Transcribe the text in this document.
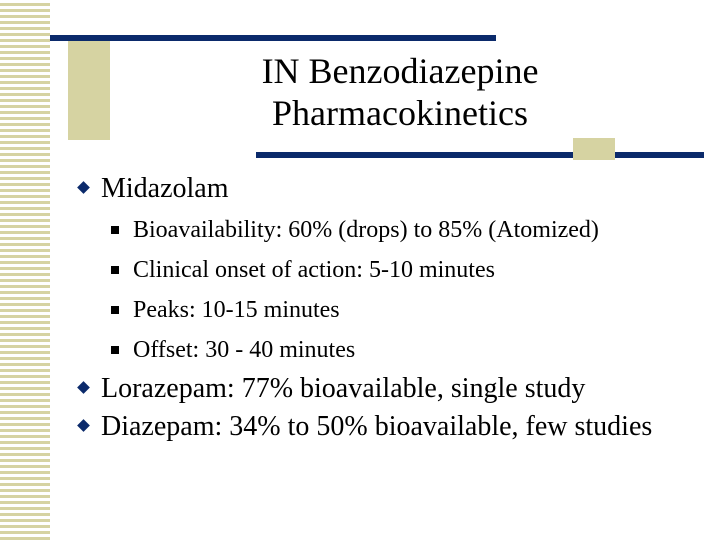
IN Benzodiazepine
Pharmacokinetics
Midazolam
Bioavailability: 60% (drops) to 85% (Atomized)
Clinical onset of action: 5-10 minutes
Peaks: 10-15 minutes
Offset: 30 - 40 minutes
Lorazepam: 77% bioavailable, single study
Diazepam: 34% to 50% bioavailable, few studies
